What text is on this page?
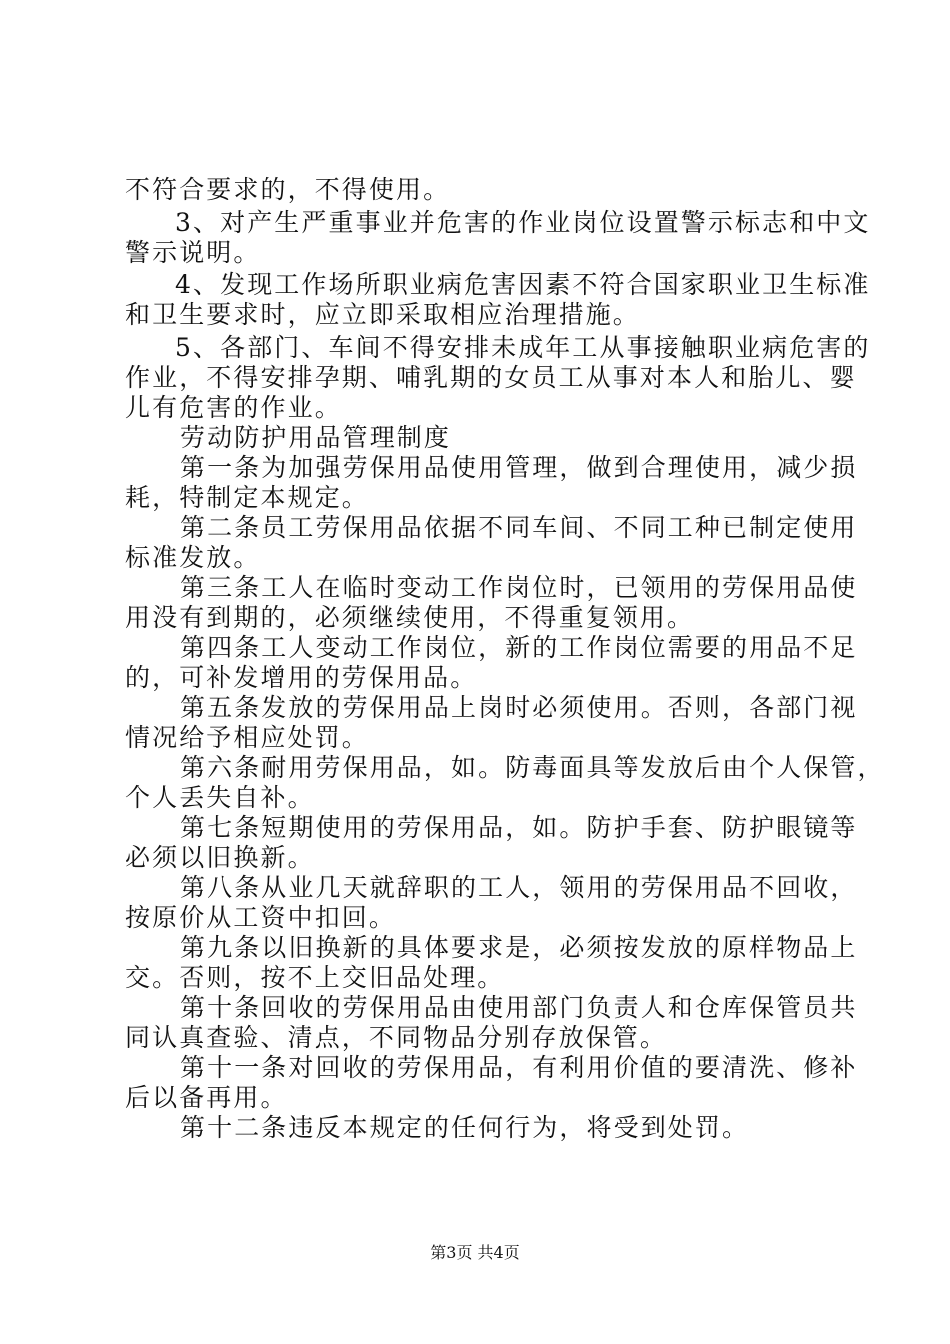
不符合要求的，不得使用。
3、对产生严重事业并危害的作业岗位设置警示标志和中文
警示说明。
4、发现工作场所职业病危害因素不符合国家职业卫生标准
和卫生要求时，应立即采取相应治理措施。
5、各部门、车间不得安排未成年工从事接触职业病危害的
作业，不得安排孕期、哺乳期的女员工从事对本人和胎儿、婴
儿有危害的作业。
劳动防护用品管理制度
第一条为加强劳保用品使用管理，做到合理使用，减少损
耗，特制定本规定。
第二条员工劳保用品依据不同车间、不同工种已制定使用
标准发放。
第三条工人在临时变动工作岗位时，已领用的劳保用品使
用没有到期的，必须继续使用，不得重复领用。
第四条工人变动工作岗位，新的工作岗位需要的用品不足
的，可补发增用的劳保用品。
第五条发放的劳保用品上岗时必须使用。否则，各部门视
情况给予相应处罚。
第六条耐用劳保用品，如。防毒面具等发放后由个人保管，
个人丢失自补。
第七条短期使用的劳保用品，如。防护手套、防护眼镜等
必须以旧换新。
第八条从业几天就辞职的工人，领用的劳保用品不回收，
按原价从工资中扣回。
第九条以旧换新的具体要求是，必须按发放的原样物品上
交。否则，按不上交旧品处理。
第十条回收的劳保用品由使用部门负责人和仓库保管员共
同认真查验、清点，不同物品分别存放保管。
第十一条对回收的劳保用品，有利用价值的要清洗、修补
后以备再用。
第十二条违反本规定的任何行为，将受到处罚。
第3页 共4页
